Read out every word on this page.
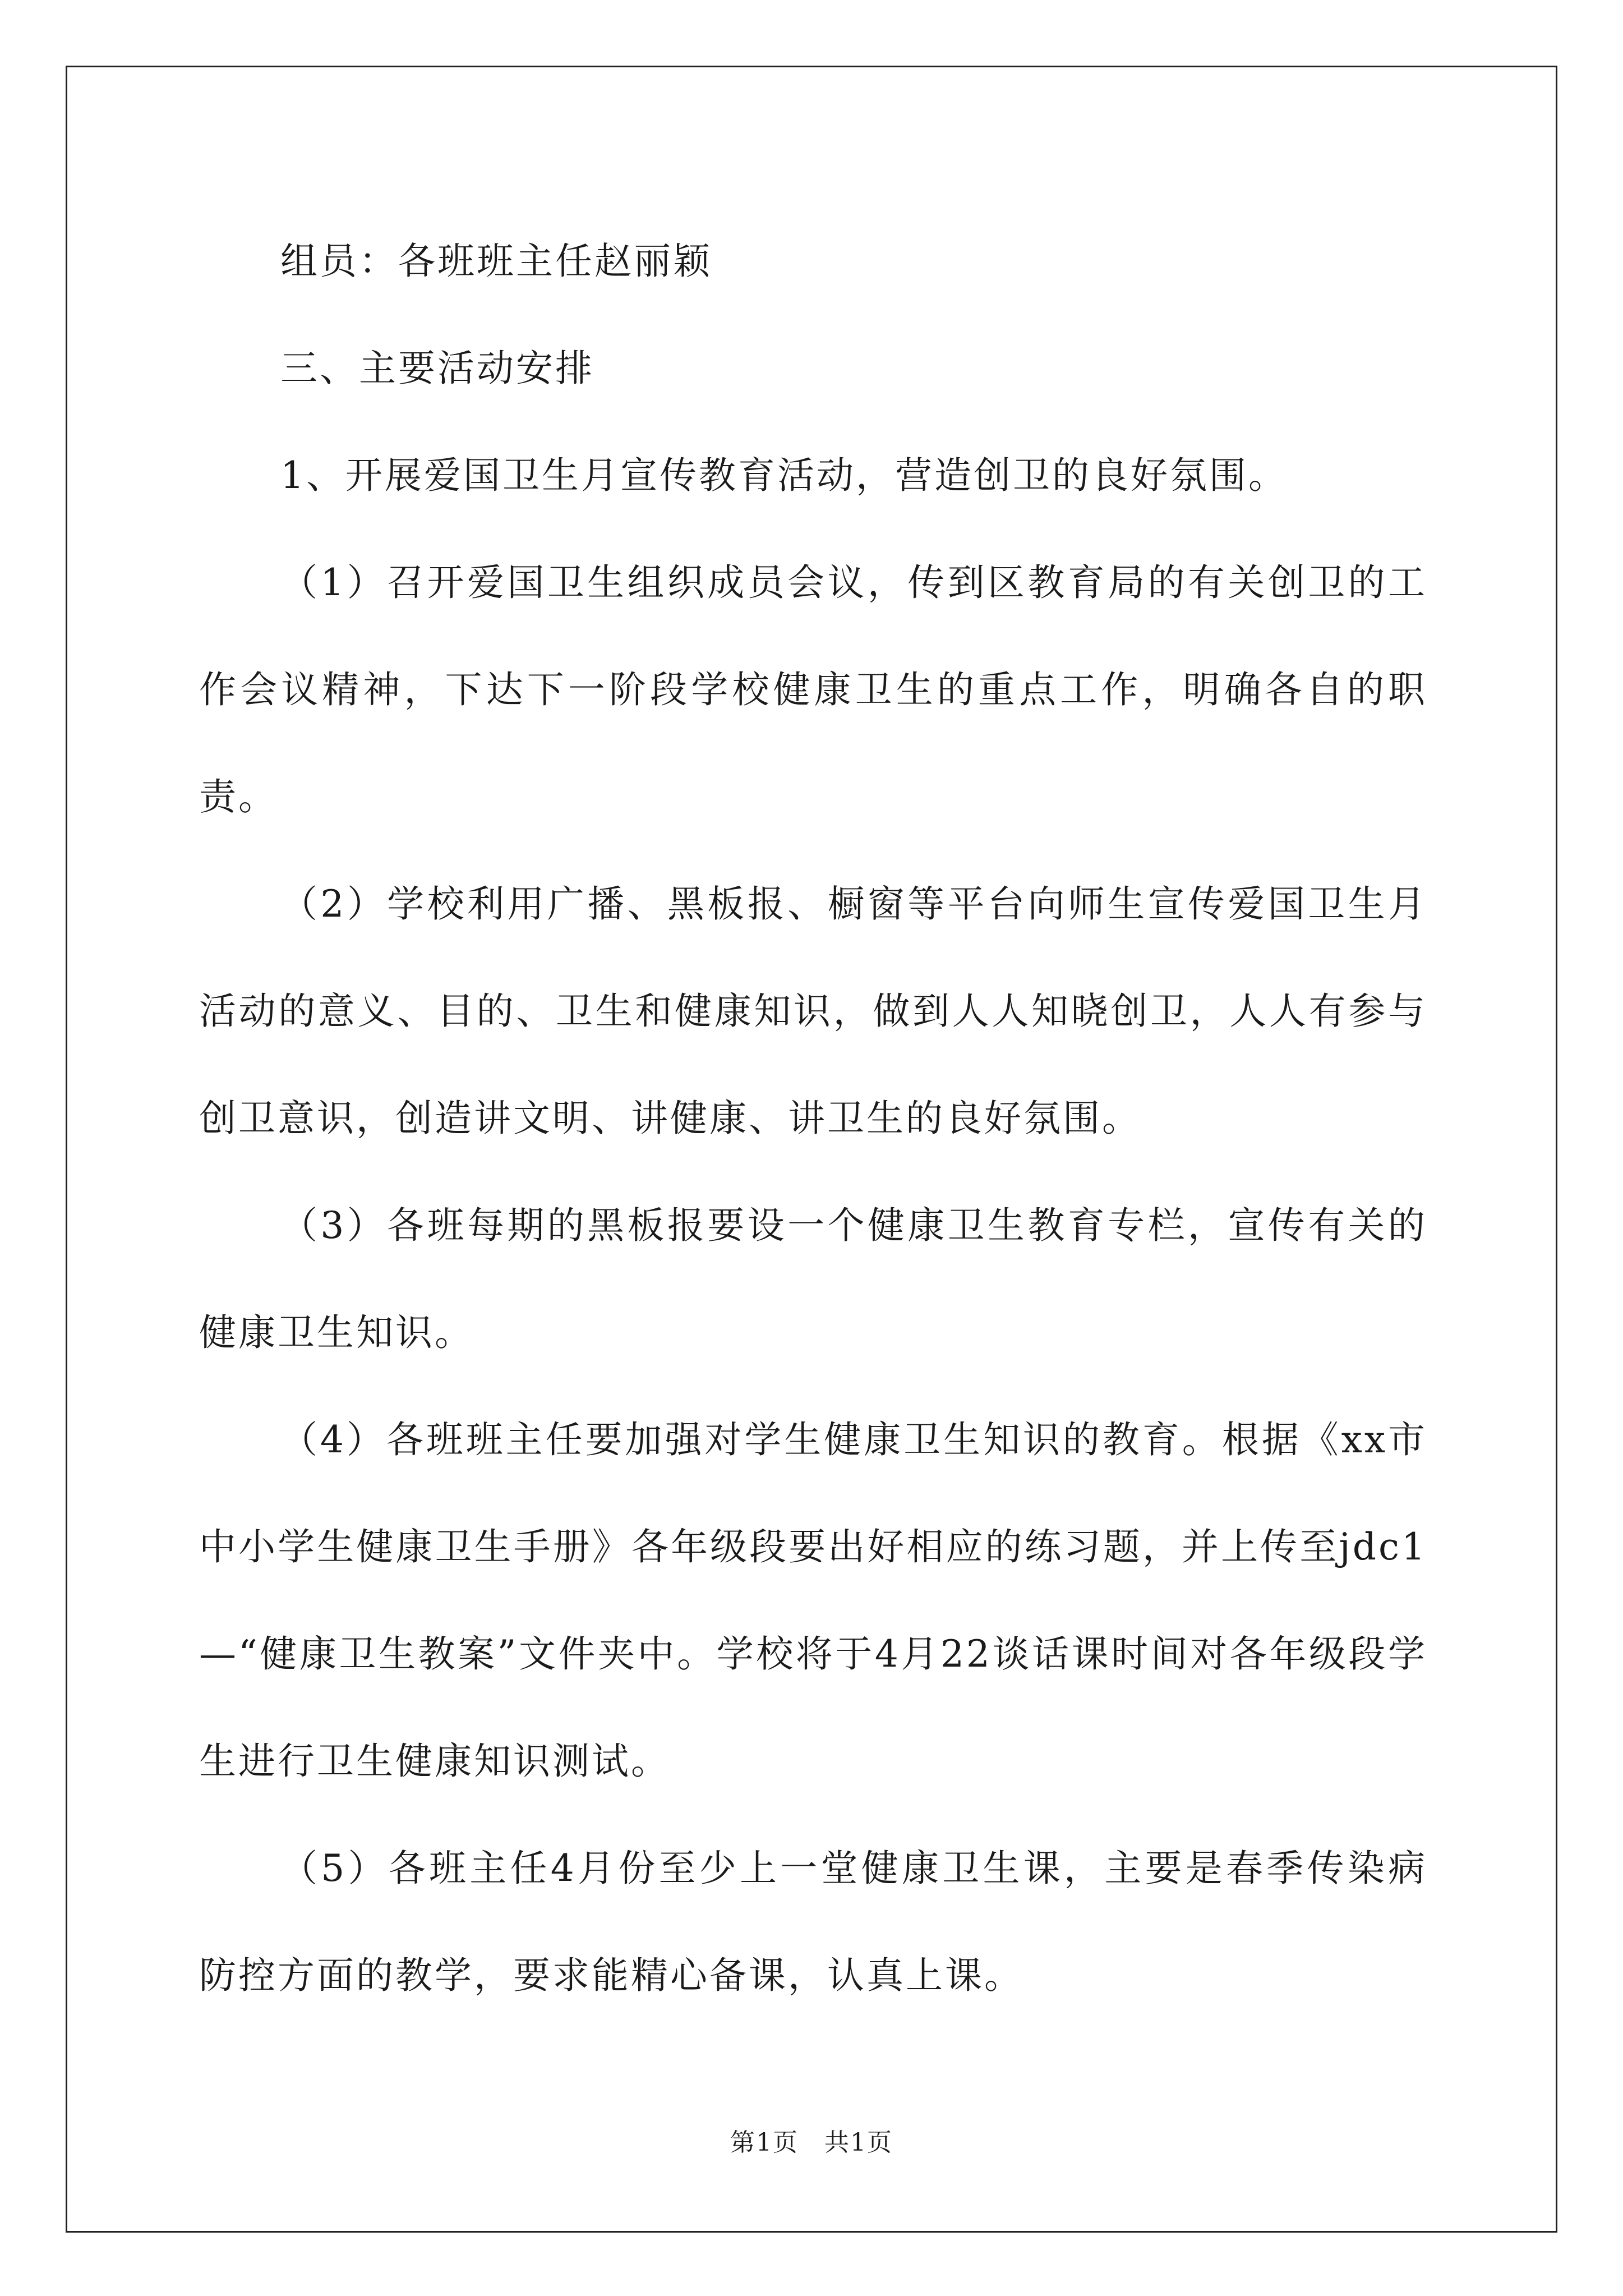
组员：各班班主任赵丽颖

三、主要活动安排

1、开展爱国卫生月宣传教育活动，营造创卫的良好氛围。

（1）召开爱国卫生组织成员会议，传到区教育局的有关创卫的工作会议精神，下达下一阶段学校健康卫生的重点工作，明确各自的职责。

（2）学校利用广播、黑板报、橱窗等平台向师生宣传爱国卫生月活动的意义、目的、卫生和健康知识，做到人人知晓创卫，人人有参与创卫意识，创造讲文明、讲健康、讲卫生的良好氛围。

（3）各班每期的黑板报要设一个健康卫生教育专栏，宣传有关的健康卫生知识。

（4）各班班主任要加强对学生健康卫生知识的教育。根据《xx市中小学生健康卫生手册》各年级段要出好相应的练习题，并上传至jdc1—“健康卫生教案”文件夹中。学校将于4月22谈话课时间对各年级段学生进行卫生健康知识测试。

（5）各班主任4月份至少上一堂健康卫生课，主要是春季传染病防控方面的教学，要求能精心备课，认真上课。

第1页　共1页
